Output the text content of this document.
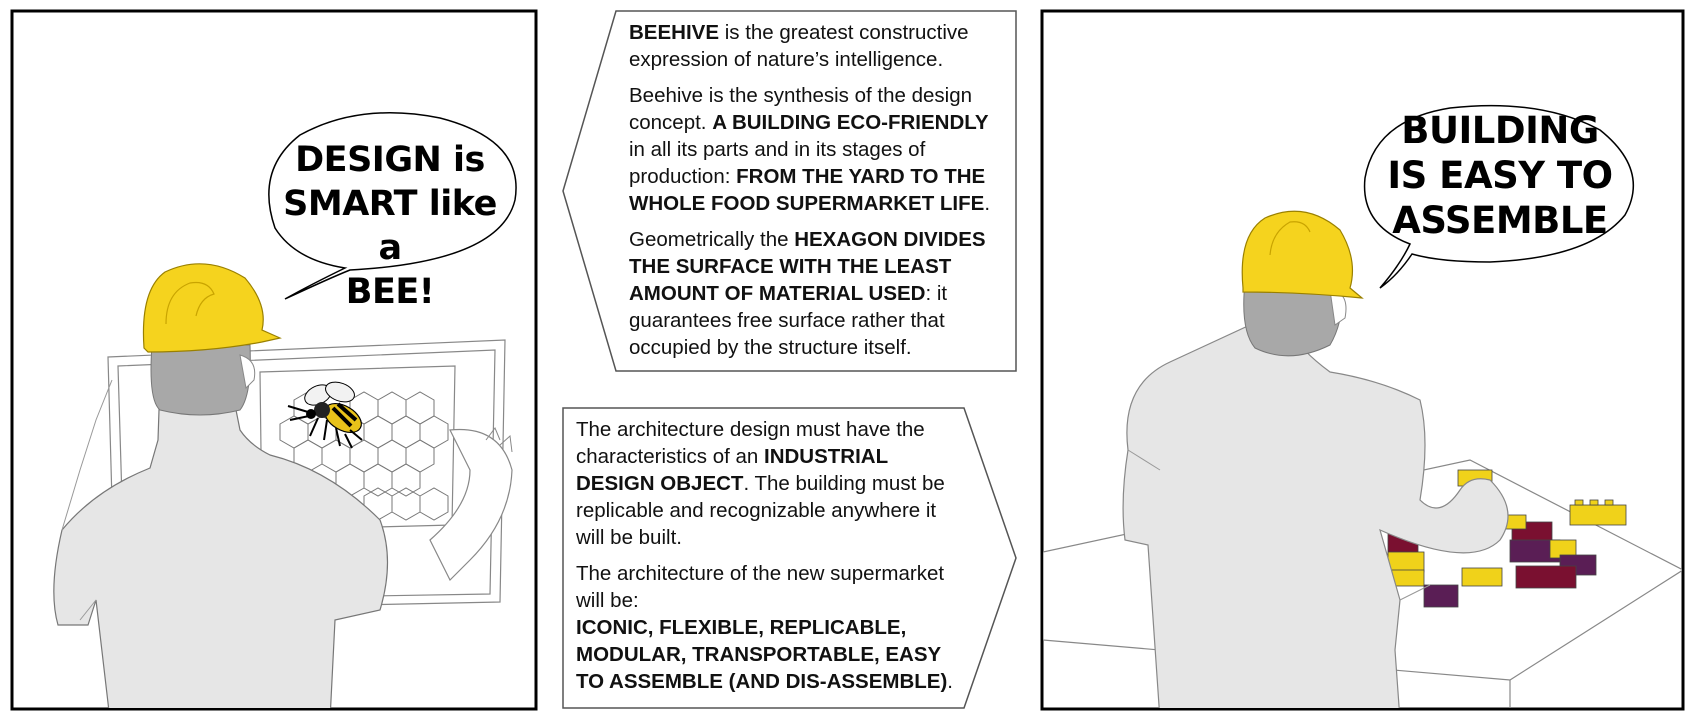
DESIGN is
SMART like a
BEE!
BUILDING
IS EASY TO
ASSEMBLE

BEEHIVE is the greatest constructive expression of nature’s intelligence.

Beehive is the synthesis of the design concept. A BUILDING ECO-FRIENDLY in all its parts and in its stages of production: FROM THE YARD TO THE WHOLE FOOD SUPERMARKET LIFE.

Geometrically the HEXAGON DIVIDES THE SURFACE WITH THE LEAST AMOUNT OF MATERIAL USED: it guarantees free surface rather that occupied by the structure itself.

The architecture design must have the characteristics of an INDUSTRIAL DESIGN OBJECT. The building must be replicable and recognizable anywhere it will be built.

The architecture of the new supermarket will be:
ICONIC, FLEXIBLE, REPLICABLE, MODULAR, TRANSPORTABLE, EASY TO ASSEMBLE (AND DIS-ASSEMBLE).
